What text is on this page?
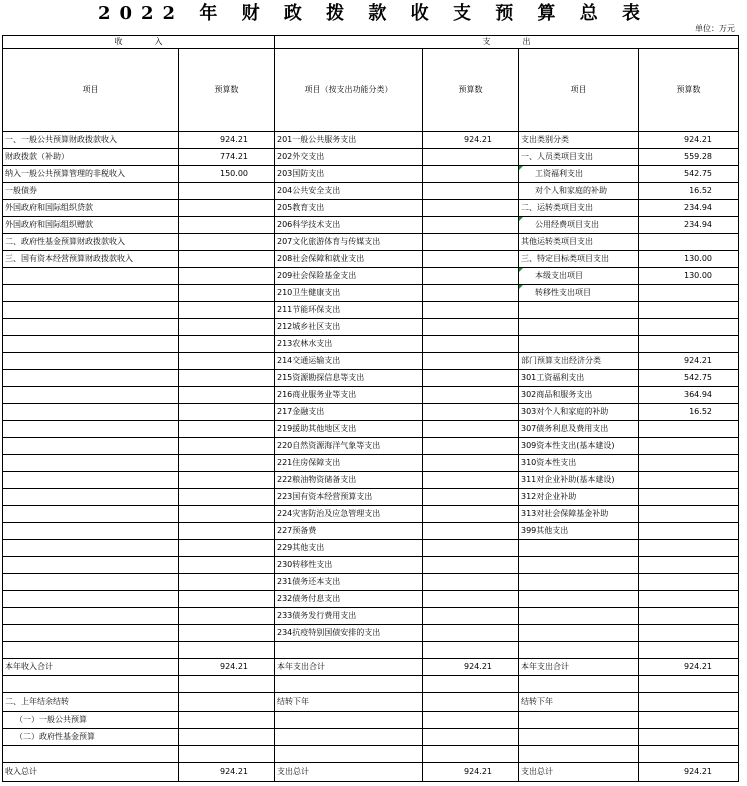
2022 年 财 政 拨 款 收 支 预 算 总 表
单位：万元
收　　　　入		支　　　　出			
项目	预算数	项目（按支出功能分类）	预算数	项目	预算数
一、一般公共预算财政拨款收入	924.21	201一般公共服务支出	924.21	支出类别分类	924.21
财政拨款（补助）	774.21	202外交支出		一、人员类项目支出	559.28
纳入一般公共预算管理的非税收入	150.00	203国防支出		工资福利支出	542.75
一般债券		204公共安全支出		对个人和家庭的补助	16.52
外国政府和国际组织贷款		205教育支出		二、运转类项目支出	234.94
外国政府和国际组织赠款		206科学技术支出		公用经费项目支出	234.94
二、政府性基金预算财政拨款收入		207文化旅游体育与传媒支出		其他运转类项目支出	
三、国有资本经营预算财政拨款收入		208社会保障和就业支出		三、特定目标类项目支出	130.00
		209社会保险基金支出		本级支出项目	130.00
		210卫生健康支出		转移性支出项目	
		211节能环保支出			
		212城乡社区支出			
		213农林水支出			
		214交通运输支出		部门预算支出经济分类	924.21
		215资源勘探信息等支出		301工资福利支出	542.75
		216商业服务业等支出		302商品和服务支出	364.94
		217金融支出		303对个人和家庭的补助	16.52
		219援助其他地区支出		307债务利息及费用支出	
		220自然资源海洋气象等支出		309资本性支出(基本建设)	
		221住房保障支出		310资本性支出	
		222粮油物资储备支出		311对企业补助(基本建设)	
		223国有资本经营预算支出		312对企业补助	
		224灾害防治及应急管理支出		313对社会保障基金补助	
		227预备费		399其他支出	
		229其他支出			
		230转移性支出			
		231债务还本支出			
		232债务付息支出			
		233债务发行费用支出			
		234抗疫特别国债安排的支出			

本年收入合计	924.21	本年支出合计	924.21	本年支出合计	924.21

二、上年结余结转		结转下年		结转下年	
（一）一般公共预算					
（二）政府性基金预算					

收入总计	924.21	支出总计	924.21	支出总计	924.21
